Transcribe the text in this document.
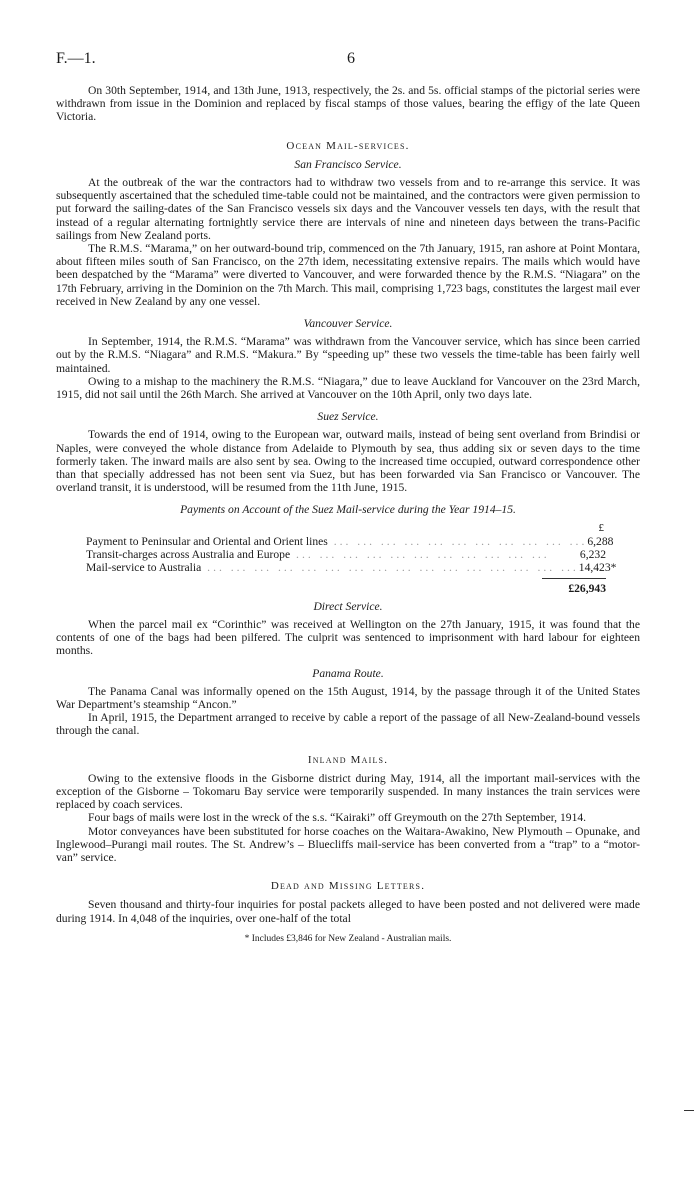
F.—1.	6

On 30th September, 1914, and 13th June, 1913, respectively, the 2s. and 5s. official stamps of the pictorial series were withdrawn from issue in the Dominion and replaced by fiscal stamps of those values, bearing the effigy of the late Queen Victoria.

Ocean Mail-services.
San Francisco Service.

At the outbreak of the war the contractors had to withdraw two vessels from and to re-arrange this service. It was subsequently ascertained that the scheduled time-table could not be maintained, and the contractors were given permission to put forward the sailing-dates of the San Francisco vessels six days and the Vancouver vessels ten days, with the result that instead of a regular alternating fortnightly service there are intervals of nine and nineteen days between the trans-Pacific sailings from New Zealand ports.

The R.M.S. “Marama,” on her outward-bound trip, commenced on the 7th January, 1915, ran ashore at Point Montara, about fifteen miles south of San Francisco, on the 27th idem, necessitating extensive repairs. The mails which would have been despatched by the “Marama” were diverted to Vancouver, and were forwarded thence by the R.M.S. “Niagara” on the 17th February, arriving in the Dominion on the 7th March. This mail, comprising 1,723 bags, constitutes the largest mail ever received in New Zealand by any one vessel.

Vancouver Service.

In September, 1914, the R.M.S. “Marama” was withdrawn from the Vancouver service, which has since been carried out by the R.M.S. “Niagara” and R.M.S. “Makura.” By “speeding up” these two vessels the time-table has been fairly well maintained.

Owing to a mishap to the machinery the R.M.S. “Niagara,” due to leave Auckland for Vancouver on the 23rd March, 1915, did not sail until the 26th March. She arrived at Vancouver on the 10th April, only two days late.

Suez Service.

Towards the end of 1914, owing to the European war, outward mails, instead of being sent overland from Brindisi or Naples, were conveyed the whole distance from Adelaide to Plymouth by sea, thus adding six or seven days to the time formerly taken. The inward mails are also sent by sea. Owing to the increased time occupied, outward correspondence other than that specially addressed has not been sent via Suez, but has been forwarded via San Francisco or Vancouver. The overland transit, it is understood, will be resumed from the 11th June, 1915.

Payments on Account of the Suez Mail-service during the Year 1914–15.
£
Payment to Peninsular and Oriental and Orient lines ... ... ... ... ... ... ... ... ... ... ... 6,288
Transit-charges across Australia and Europe ... ... ... ... ... ... ... ... ... ... ...	6,232
Mail-service to Australia ... ... ... ... ... ... ... ... ... ... ... ... ... ... ... ... 14,423*
£26,943
Direct Service.

When the parcel mail ex “Corinthic” was received at Wellington on the 27th January, 1915, it was found that the contents of one of the bags had been pilfered. The culprit was sentenced to imprisonment with hard labour for eighteen months.

Panama Route.

The Panama Canal was informally opened on the 15th August, 1914, by the passage through it of the United States War Department’s steamship “Ancon.”

In April, 1915, the Department arranged to receive by cable a report of the passage of all New-Zealand-bound vessels through the canal.

Inland Mails.

Owing to the extensive floods in the Gisborne district during May, 1914, all the important mail-services with the exception of the Gisborne – Tokomaru Bay service were temporarily suspended. In many instances the train services were replaced by coach services.

Four bags of mails were lost in the wreck of the s.s. “Kairaki” off Greymouth on the 27th September, 1914.

Motor conveyances have been substituted for horse coaches on the Waitara-Awakino, New Plymouth – Opunake, and Inglewood–Purangi mail routes. The St. Andrew’s – Bluecliffs mail-service has been converted from a “trap” to a “motor-van” service.

Dead and Missing Letters.

Seven thousand and thirty-four inquiries for postal packets alleged to have been posted and not delivered were made during 1914. In 4,048 of the inquiries, over one-half of the total

* Includes £3,846 for New Zealand - Australian mails.
